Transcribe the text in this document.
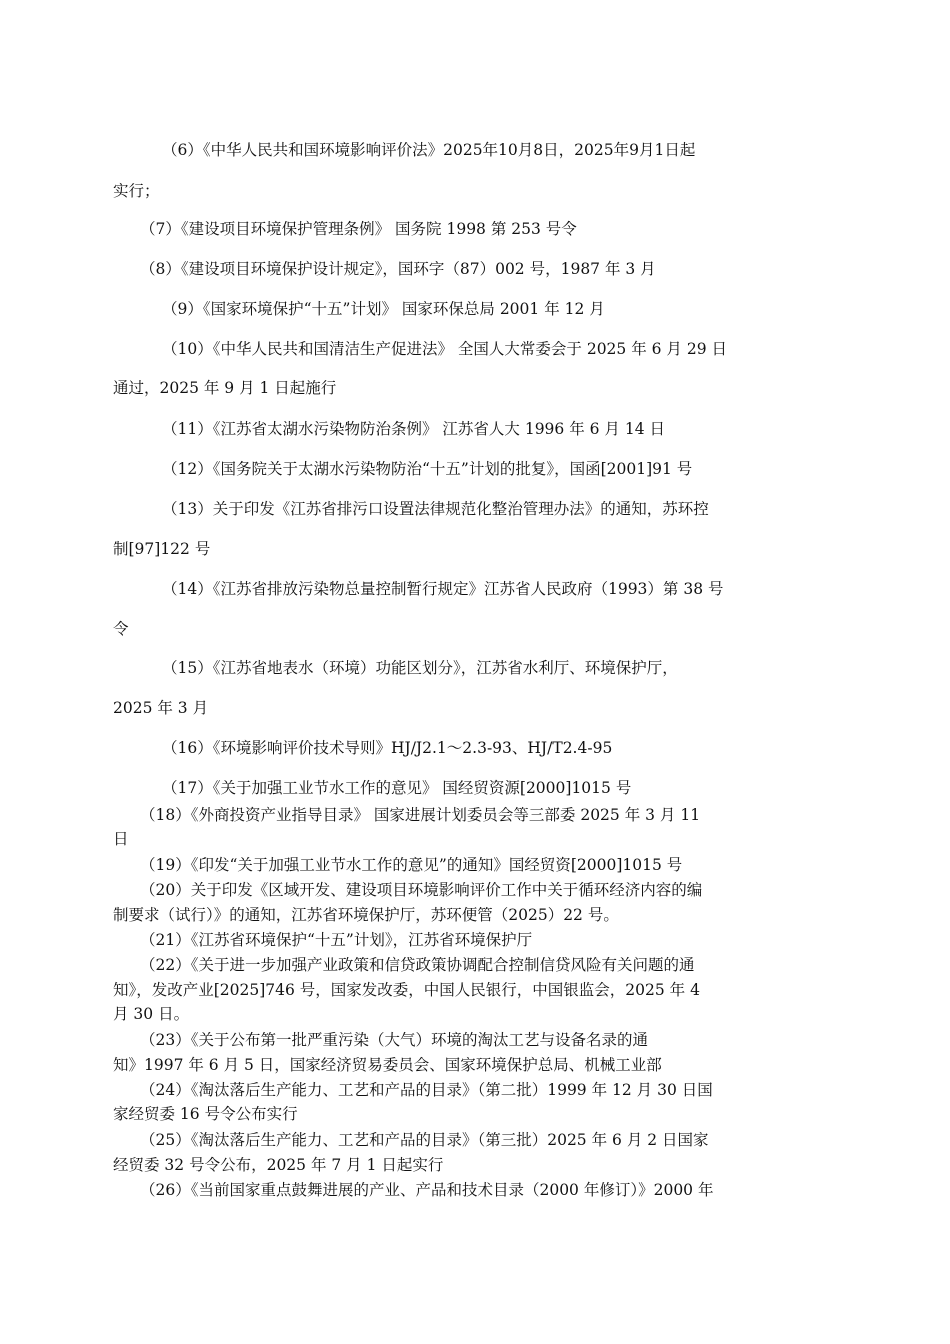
（6）《中华人民共和国环境影响评价法》2025年10月8日，2025年9月1日起
实行；
（7）《建设项目环境保护管理条例》 国务院 1998 第 253 号令
（8）《建设项目环境保护设计规定》，国环字（87）002 号，1987 年 3 月
（9）《国家环境保护“十五”计划》 国家环保总局 2001 年 12 月
（10）《中华人民共和国清洁生产促进法》 全国人大常委会于 2025 年 6 月 29 日
通过，2025 年 9 月 1 日起施行
（11）《江苏省太湖水污染物防治条例》 江苏省人大 1996 年 6 月 14 日
（12）《国务院关于太湖水污染物防治“十五”计划的批复》，国函[2001]91 号
（13）关于印发《江苏省排污口设置法律规范化整治管理办法》的通知，苏环控
制[97]122 号
（14）《江苏省排放污染物总量控制暂行规定》江苏省人民政府（1993）第 38 号
令
（15）《江苏省地表水（环境）功能区划分》，江苏省水利厅、环境保护厅，
2025 年 3 月
（16）《环境影响评价技术导则》HJ/J2.1～2.3-93、HJ/T2.4-95
（17）《关于加强工业节水工作的意见》 国经贸资源[2000]1015 号
（18）《外商投资产业指导目录》 国家进展计划委员会等三部委 2025 年 3 月 11
日
（19）《印发“关于加强工业节水工作的意见”的通知》国经贸资[2000]1015 号
（20）关于印发《区域开发、建设项目环境影响评价工作中关于循环经济内容的编
制要求（试行）》的通知，江苏省环境保护厅，苏环便管（2025）22 号。
（21）《江苏省环境保护“十五”计划》，江苏省环境保护厅
（22）《关于进一步加强产业政策和信贷政策协调配合控制信贷风险有关问题的通
知》，发改产业[2025]746 号，国家发改委，中国人民银行，中国银监会，2025 年 4
月 30 日。
（23）《关于公布第一批严重污染（大气）环境的淘汰工艺与设备名录的通
知》1997 年 6 月 5 日，国家经济贸易委员会、国家环境保护总局、机械工业部
（24）《淘汰落后生产能力、工艺和产品的目录》（第二批）1999 年 12 月 30 日国
家经贸委 16 号令公布实行
（25）《淘汰落后生产能力、工艺和产品的目录》（第三批）2025 年 6 月 2 日国家
经贸委 32 号令公布，2025 年 7 月 1 日起实行
（26）《当前国家重点鼓舞进展的产业、产品和技术目录（2000 年修订）》2000 年
